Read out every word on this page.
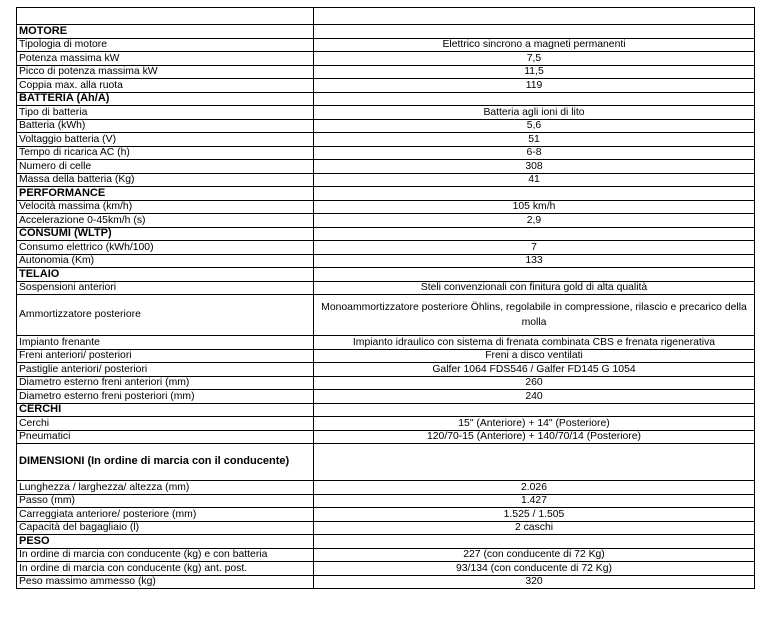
MOTORE	
Tipologia di motore	Elettrico sincrono a magneti permanenti
Potenza massima kW	7,5
Picco di potenza massima kW	11,5
Coppia max. alla ruota	119
BATTERIA (Ah/A)	
Tipo di batteria	Batteria agli ioni di lito
Batteria (kWh)	5,6
Voltaggio batteria (V)	51
Tempo di ricarica AC (h)	6-8
Numero di celle	308
Massa della batteria (Kg)	41
PERFORMANCE	
Velocità massima (km/h)	105 km/h
Accelerazione 0-45km/h (s)	2,9
CONSUMI (WLTP)	
Consumo elettrico (kWh/100)	7
Autonomia (Km)	133
TELAIO	
Sospensioni anteriori	Steli convenzionali con finitura gold di alta qualità
Ammortizzatore posteriore	Monoammortizzatore posteriore Öhlins, regolabile in compressione, rilascio e precarico della molla
Impianto frenante	Impianto idraulico con sistema di frenata combinata CBS e frenata rigenerativa
Freni anteriori/ posteriori	Freni a disco ventilati
Pastiglie anteriori/ posteriori	Galfer 1064 FDS546 / Galfer FD145 G 1054
Diametro esterno freni anteriori (mm)	260
Diametro esterno freni posteriori (mm)	240
CERCHI	
Cerchi	15" (Anteriore) + 14" (Posteriore)
Pneumatici	120/70-15 (Anteriore) + 140/70/14 (Posteriore)
DIMENSIONI (In ordine di marcia con il conducente)	
Lunghezza / larghezza/ altezza (mm)	2.026
Passo (mm)	1.427
Carreggiata anteriore/ posteriore (mm)	1.525 / 1.505
Capacità del bagagliaio (l)	2 caschi
PESO	
In ordine di marcia con conducente (kg) e con batteria	227 (con conducente di 72 Kg)
In ordine di marcia con conducente (kg) ant. post.	93/134 (con conducente di 72 Kg)
Peso massimo ammesso (kg)	320
